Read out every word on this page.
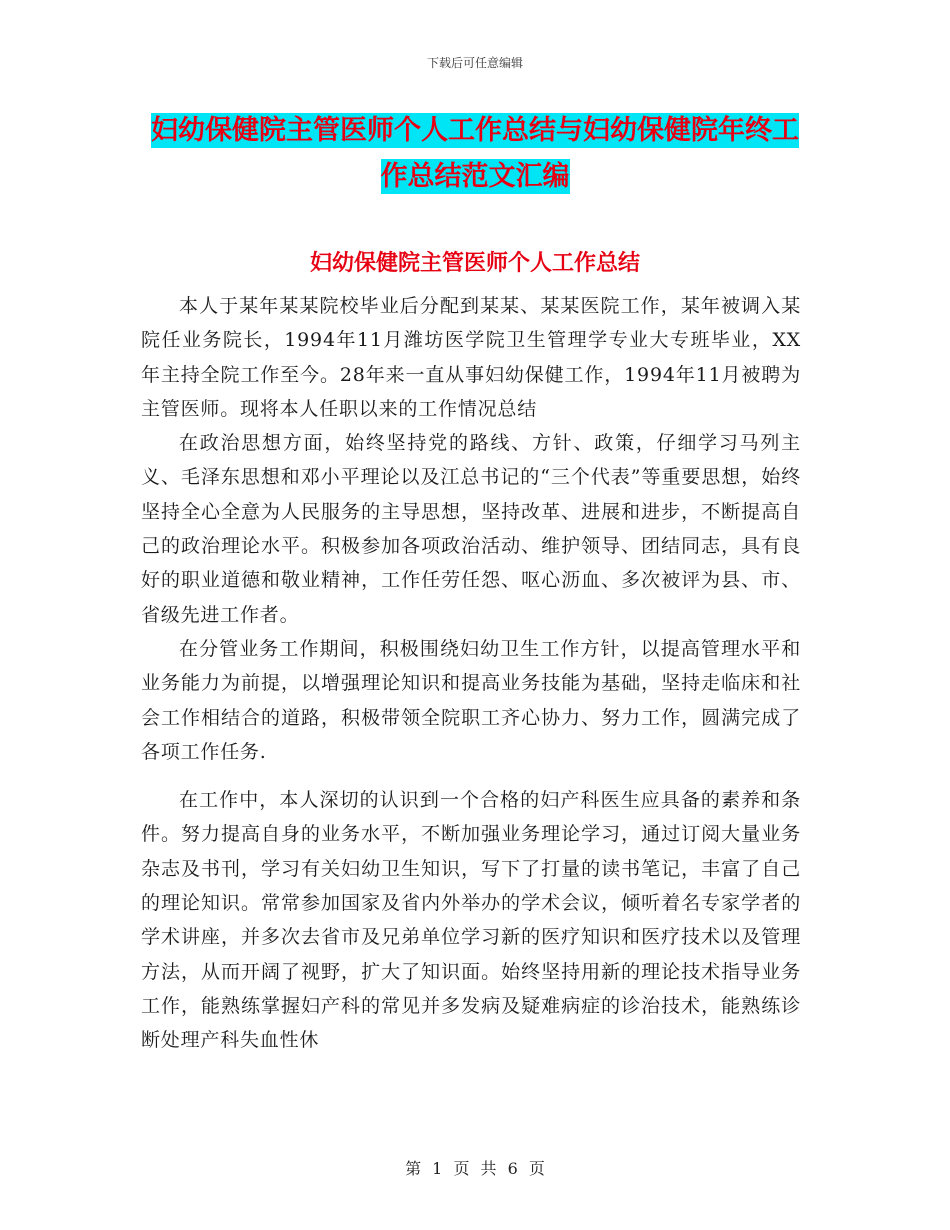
下载后可任意编辑
妇幼保健院主管医师个人工作总结与妇幼保健院年终工作总结范文汇编
妇幼保健院主管医师个人工作总结

本人于某年某某院校毕业后分配到某某、某某医院工作，某年被调入某院任业务院长，1994年11月潍坊医学院卫生管理学专业大专班毕业，XX年主持全院工作至今。28年来一直从事妇幼保健工作，1994年11月被聘为主管医师。现将本人任职以来的工作情况总结

在政治思想方面，始终坚持党的路线、方针、政策，仔细学习马列主义、毛泽东思想和邓小平理论以及江总书记的“三个代表”等重要思想，始终坚持全心全意为人民服务的主导思想，坚持改革、进展和进步，不断提高自己的政治理论水平。积极参加各项政治活动、维护领导、团结同志，具有良好的职业道德和敬业精神，工作任劳任怨、呕心沥血、多次被评为县、市、省级先进工作者。

在分管业务工作期间，积极围绕妇幼卫生工作方针，以提高管理水平和业务能力为前提，以增强理论知识和提高业务技能为基础，坚持走临床和社会工作相结合的道路，积极带领全院职工齐心协力、努力工作，圆满完成了各项工作任务.

在工作中，本人深切的认识到一个合格的妇产科医生应具备的素养和条件。努力提高自身的业务水平，不断加强业务理论学习，通过订阅大量业务杂志及书刊，学习有关妇幼卫生知识，写下了打量的读书笔记，丰富了自己的理论知识。常常参加国家及省内外举办的学术会议，倾听着名专家学者的学术讲座，并多次去省市及兄弟单位学习新的医疗知识和医疗技术以及管理方法，从而开阔了视野，扩大了知识面。始终坚持用新的理论技术指导业务工作，能熟练掌握妇产科的常见并多发病及疑难病症的诊治技术，能熟练诊断处理产科失血性休

第 1 页 共 6 页
